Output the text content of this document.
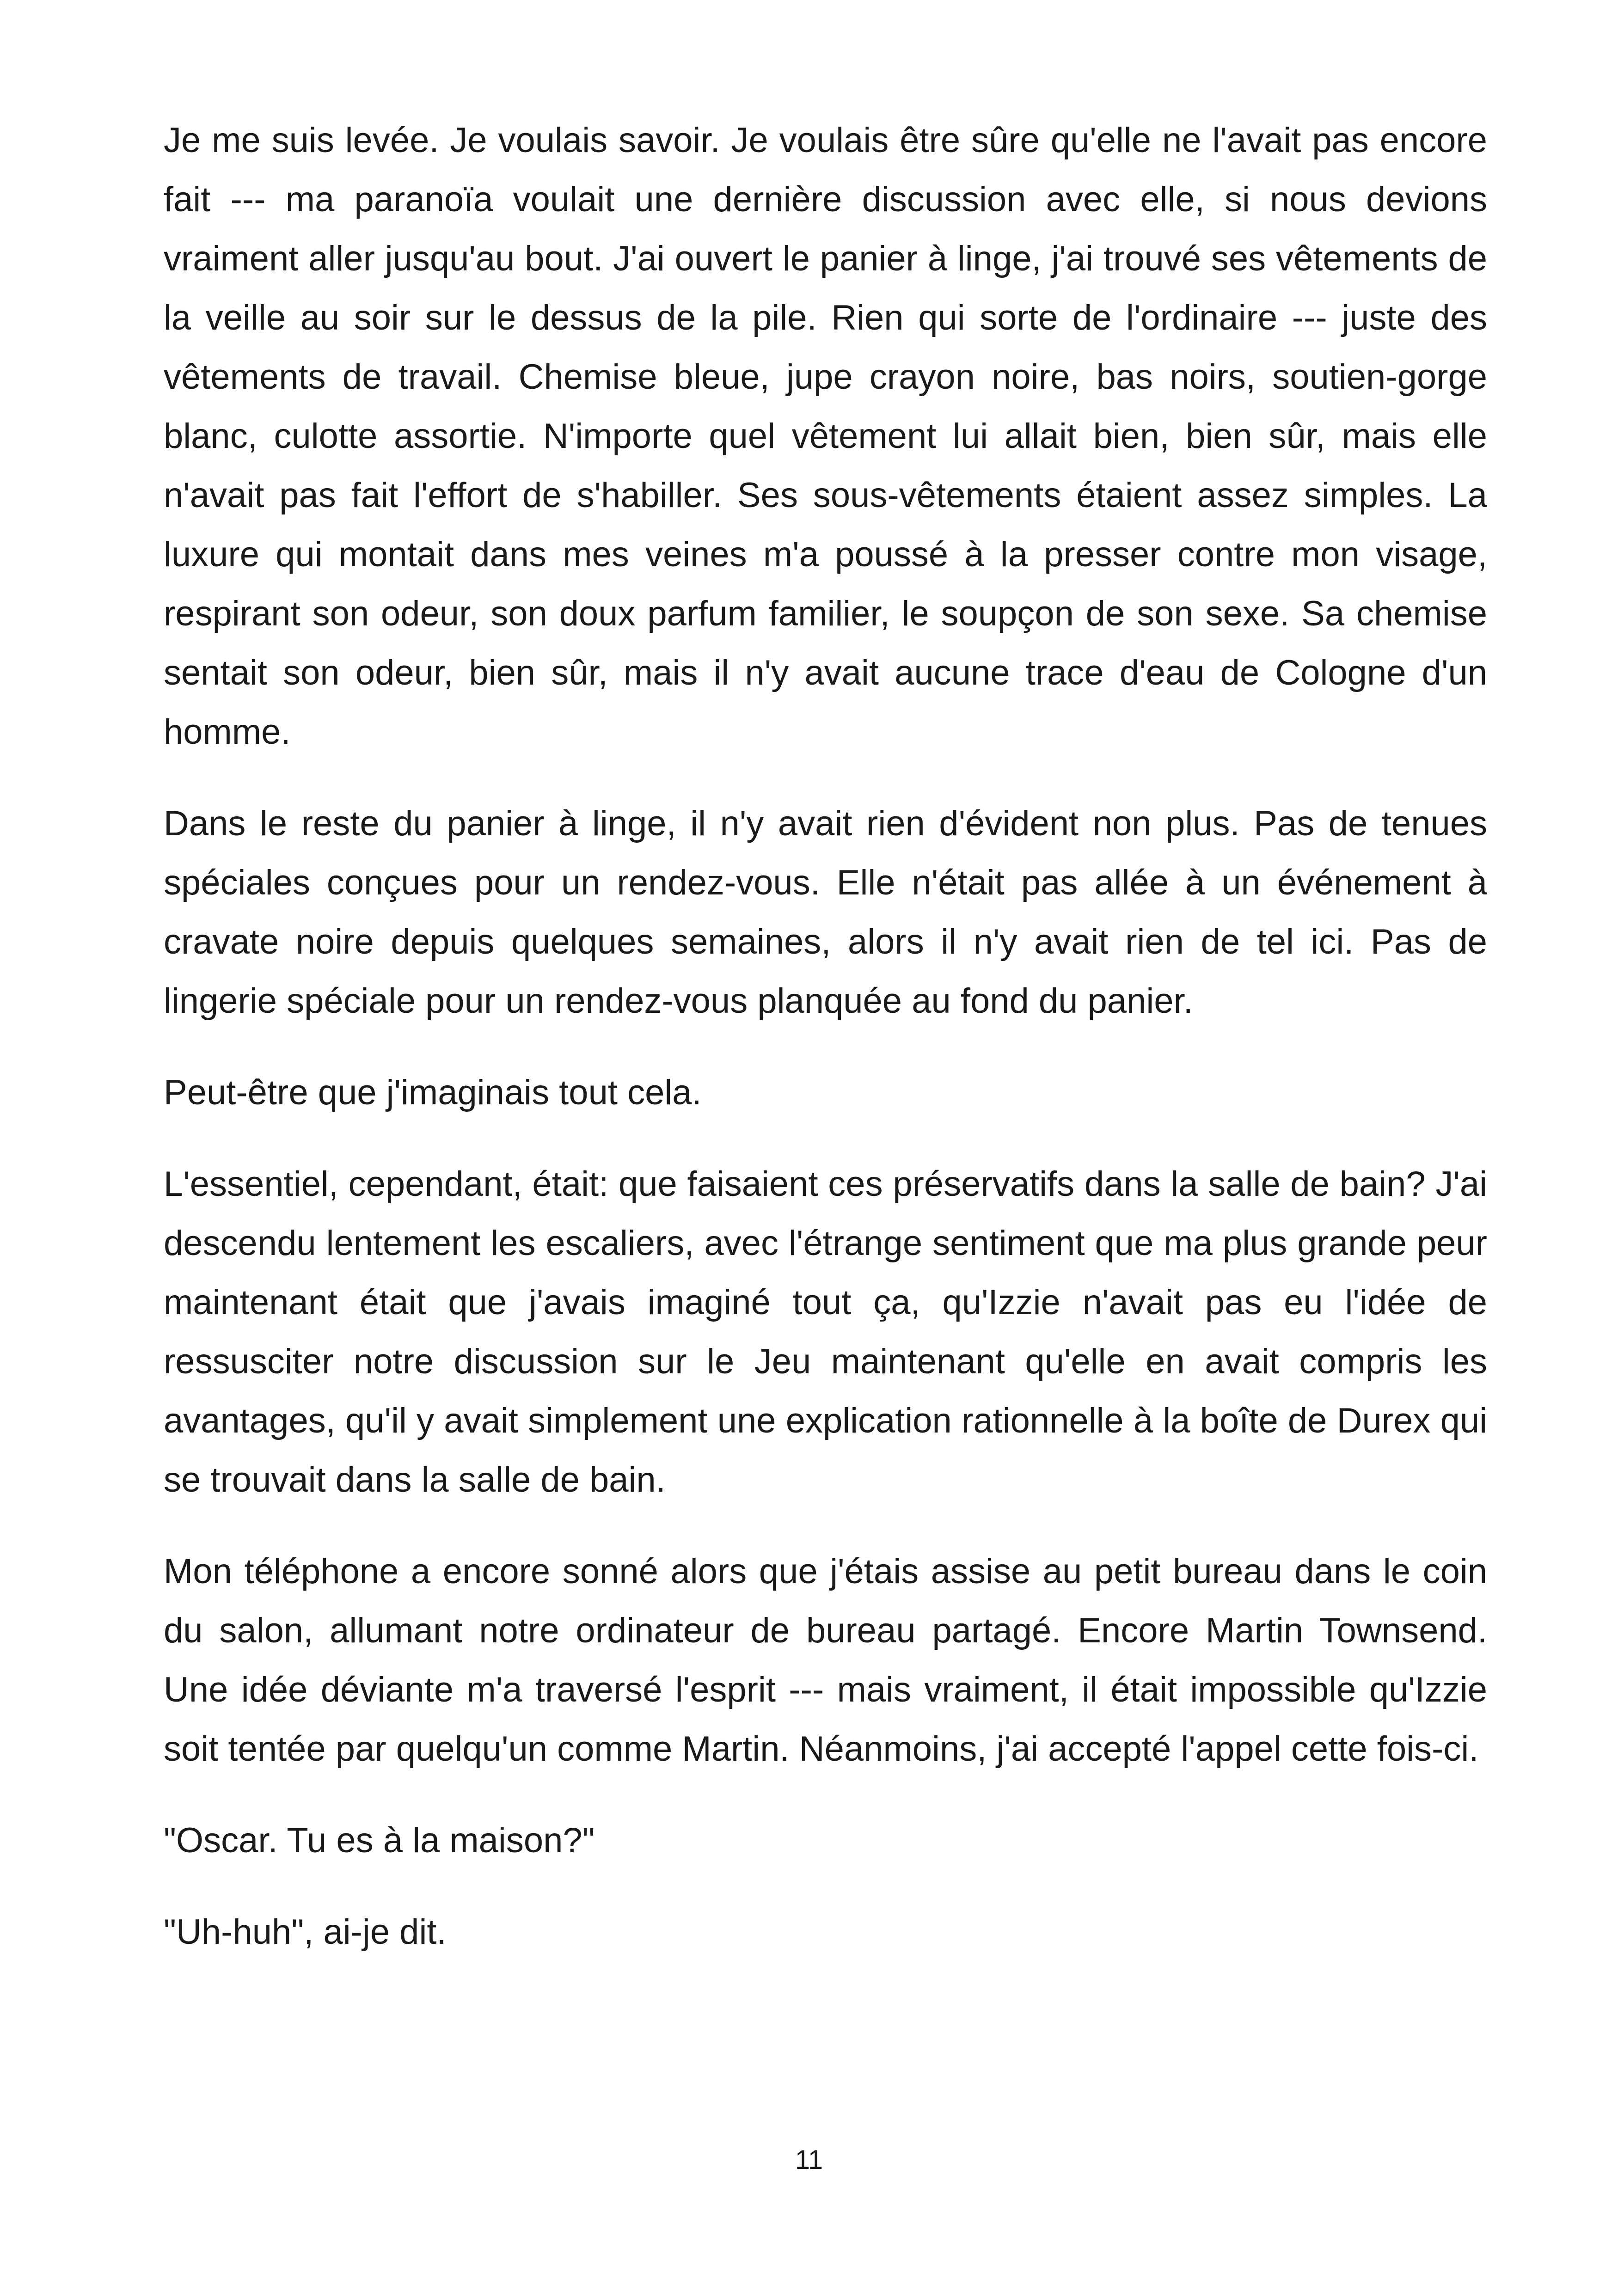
Je me suis levée. Je voulais savoir. Je voulais être sûre qu'elle ne l'avait pas encore fait --- ma paranoïa voulait une dernière discussion avec elle, si nous devions vraiment aller jusqu'au bout. J'ai ouvert le panier à linge, j'ai trouvé ses vêtements de la veille au soir sur le dessus de la pile. Rien qui sorte de l'ordinaire --- juste des vêtements de travail. Chemise bleue, jupe crayon noire, bas noirs, soutien-gorge blanc, culotte assortie. N'importe quel vêtement lui allait bien, bien sûr, mais elle n'avait pas fait l'effort de s'habiller. Ses sous-vêtements étaient assez simples. La luxure qui montait dans mes veines m'a poussé à la presser contre mon visage, respirant son odeur, son doux parfum familier, le soupçon de son sexe. Sa chemise sentait son odeur, bien sûr, mais il n'y avait aucune trace d'eau de Cologne d'un homme.

Dans le reste du panier à linge, il n'y avait rien d'évident non plus. Pas de tenues spéciales conçues pour un rendez-vous. Elle n'était pas allée à un événement à cravate noire depuis quelques semaines, alors il n'y avait rien de tel ici. Pas de lingerie spéciale pour un rendez-vous planquée au fond du panier.

Peut-être que j'imaginais tout cela.

L'essentiel, cependant, était: que faisaient ces préservatifs dans la salle de bain? J'ai descendu lentement les escaliers, avec l'étrange sentiment que ma plus grande peur maintenant était que j'avais imaginé tout ça, qu'Izzie n'avait pas eu l'idée de ressusciter notre discussion sur le Jeu maintenant qu'elle en avait compris les avantages, qu'il y avait simplement une explication rationnelle à la boîte de Durex qui se trouvait dans la salle de bain.

Mon téléphone a encore sonné alors que j'étais assise au petit bureau dans le coin du salon, allumant notre ordinateur de bureau partagé. Encore Martin Townsend. Une idée déviante m'a traversé l'esprit --- mais vraiment, il était impossible qu'Izzie soit tentée par quelqu'un comme Martin. Néanmoins, j'ai accepté l'appel cette fois-ci.

"Oscar. Tu es à la maison?"

"Uh-huh", ai-je dit.

11
